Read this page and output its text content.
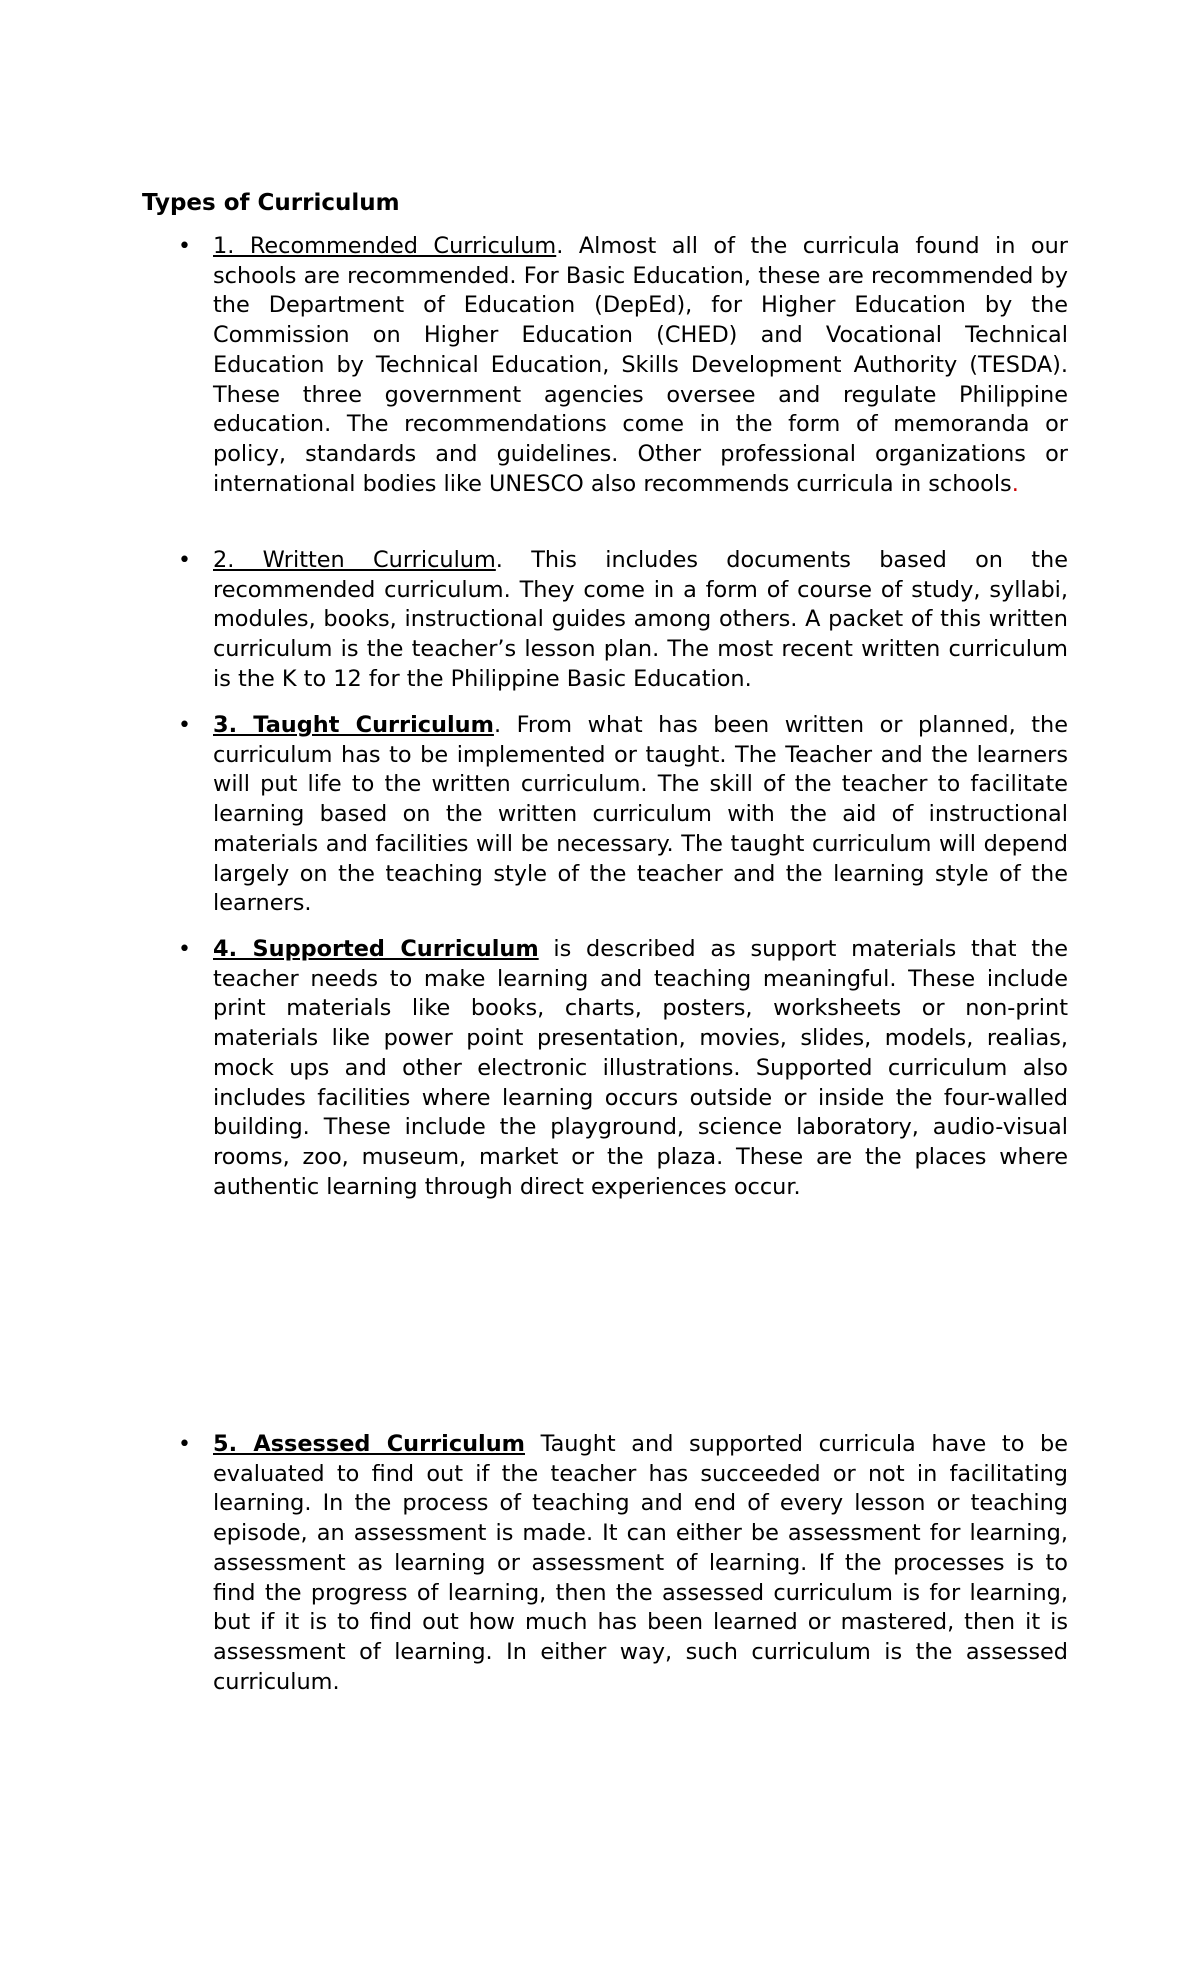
Types of Curriculum

• 1. Recommended Curriculum. Almost all of the curricula found in our schools are recommended. For Basic Education, these are recommended by the Department of Education (DepEd), for Higher Education by the Commission on Higher Education (CHED) and Vocational Technical Education by Technical Education, Skills Development Authority (TESDA). These three government agencies oversee and regulate Philippine education. The recommendations come in the form of memoranda or policy, standards and guidelines. Other professional organizations or international bodies like UNESCO also recommends curricula in schools.

• 2. Written Curriculum. This includes documents based on the recommended curriculum. They come in a form of course of study, syllabi, modules, books, instructional guides among others. A packet of this written curriculum is the teacher’s lesson plan. The most recent written curriculum is the K to 12 for the Philippine Basic Education.

• 3. Taught Curriculum. From what has been written or planned, the curriculum has to be implemented or taught. The Teacher and the learners will put life to the written curriculum. The skill of the teacher to facilitate learning based on the written curriculum with the aid of instructional materials and facilities will be necessary. The taught curriculum will depend largely on the teaching style of the teacher and the learning style of the learners.

• 4. Supported Curriculum is described as support materials that the teacher needs to make learning and teaching meaningful. These include print materials like books, charts, posters, worksheets or non-print materials like power point presentation, movies, slides, models, realias, mock ups and other electronic illustrations. Supported curriculum also includes facilities where learning occurs outside or inside the four-walled building. These include the playground, science laboratory, audio-visual rooms, zoo, museum, market or the plaza. These are the places where authentic learning through direct experiences occur.

• 5. Assessed Curriculum Taught and supported curricula have to be evaluated to find out if the teacher has succeeded or not in facilitating learning. In the process of teaching and end of every lesson or teaching episode, an assessment is made. It can either be assessment for learning, assessment as learning or assessment of learning. If the processes is to find the progress of learning, then the assessed curriculum is for learning, but if it is to find out how much has been learned or mastered, then it is assessment of learning. In either way, such curriculum is the assessed curriculum.
